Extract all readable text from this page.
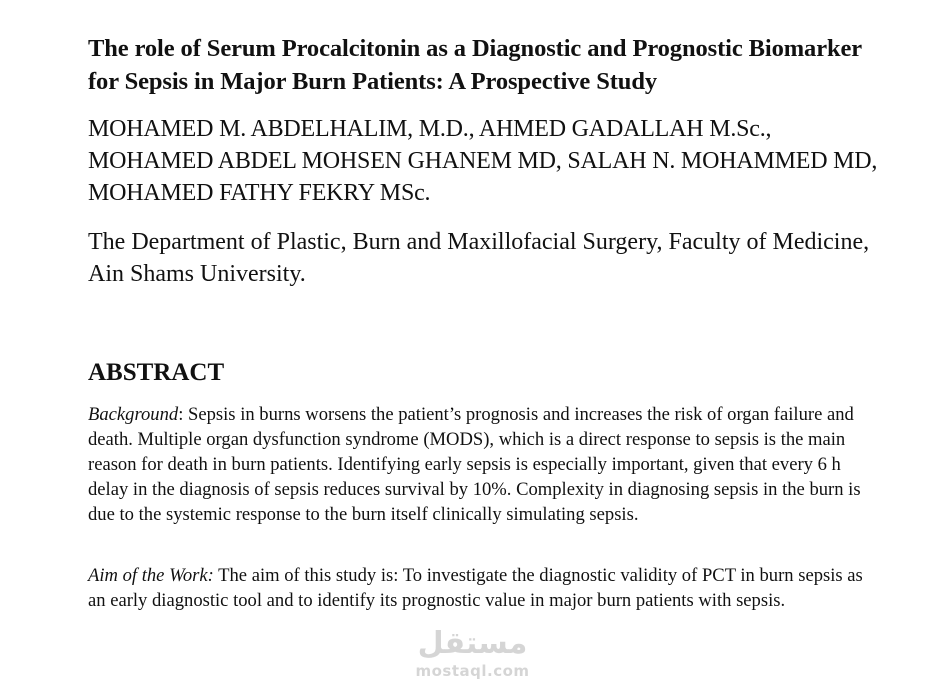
The role of Serum Procalcitonin as a Diagnostic and Prognostic Biomarker for Sepsis in Major Burn Patients: A Prospective Study

MOHAMED M. ABDELHALIM, M.D., AHMED GADALLAH M.Sc., MOHAMED ABDEL MOHSEN GHANEM MD, SALAH N. MOHAMMED MD, MOHAMED FATHY FEKRY MSc.

The Department of Plastic, Burn and Maxillofacial Surgery, Faculty of Medicine, Ain Shams University.

ABSTRACT

Background: Sepsis in burns worsens the patient’s prognosis and increases the risk of organ failure and death. Multiple organ dysfunction syndrome (MODS), which is a direct response to sepsis is the main reason for death in burn patients. Identifying early sepsis is especially important, given that every 6 h delay in the diagnosis of sepsis reduces survival by 10%. Complexity in diagnosing sepsis in the burn is due to the systemic response to the burn itself clinically simulating sepsis.

Aim of the Work: The aim of this study is: To investigate the diagnostic validity of PCT in burn sepsis as an early diagnostic tool and to identify its prognostic value in major burn patients with sepsis.

مستقل
mostaql.com
